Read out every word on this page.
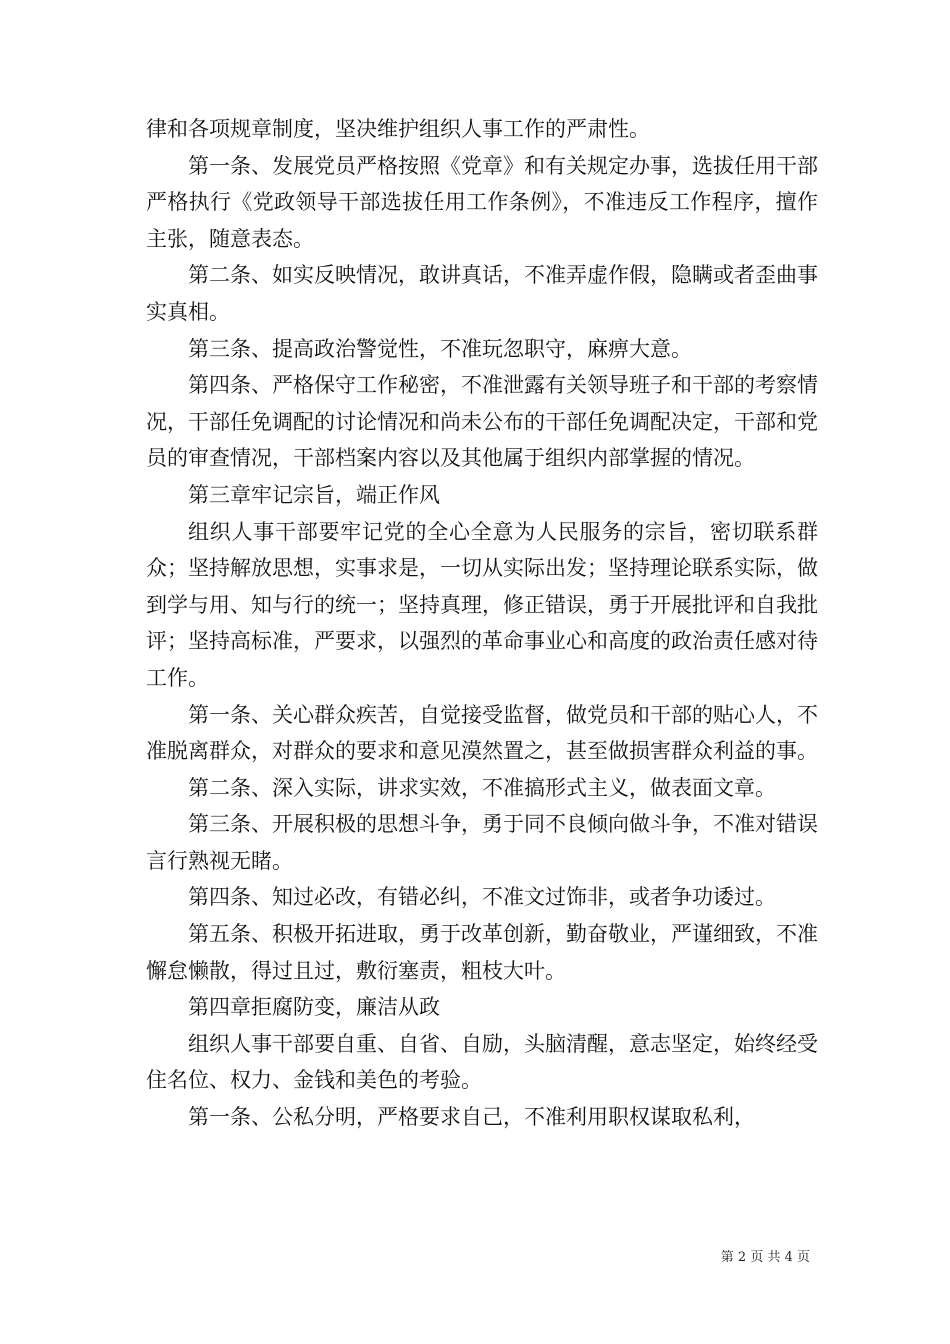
律和各项规章制度，坚决维护组织人事工作的严肃性。

第一条、发展党员严格按照《党章》和有关规定办事，选拔任用干部严格执行《党政领导干部选拔任用工作条例》，不准违反工作程序，擅作主张，随意表态。

第二条、如实反映情况，敢讲真话，不准弄虚作假，隐瞒或者歪曲事实真相。

第三条、提高政治警觉性，不准玩忽职守，麻痹大意。

第四条、严格保守工作秘密，不准泄露有关领导班子和干部的考察情况，干部任免调配的讨论情况和尚未公布的干部任免调配决定，干部和党员的审查情况，干部档案内容以及其他属于组织内部掌握的情况。

第三章牢记宗旨，端正作风

组织人事干部要牢记党的全心全意为人民服务的宗旨，密切联系群众；坚持解放思想，实事求是，一切从实际出发；坚持理论联系实际，做到学与用、知与行的统一；坚持真理，修正错误，勇于开展批评和自我批评；坚持高标准，严要求，以强烈的革命事业心和高度的政治责任感对待工作。

第一条、关心群众疾苦，自觉接受监督，做党员和干部的贴心人，不准脱离群众，对群众的要求和意见漠然置之，甚至做损害群众利益的事。

第二条、深入实际，讲求实效，不准搞形式主义，做表面文章。

第三条、开展积极的思想斗争，勇于同不良倾向做斗争，不准对错误言行熟视无睹。

第四条、知过必改，有错必纠，不准文过饰非，或者争功诿过。

第五条、积极开拓进取，勇于改革创新，勤奋敬业，严谨细致，不准懈怠懒散，得过且过，敷衍塞责，粗枝大叶。

第四章拒腐防变，廉洁从政

组织人事干部要自重、自省、自励，头脑清醒，意志坚定，始终经受住名位、权力、金钱和美色的考验。

第一条、公私分明，严格要求自己，不准利用职权谋取私利，

第 2 页 共 4 页
